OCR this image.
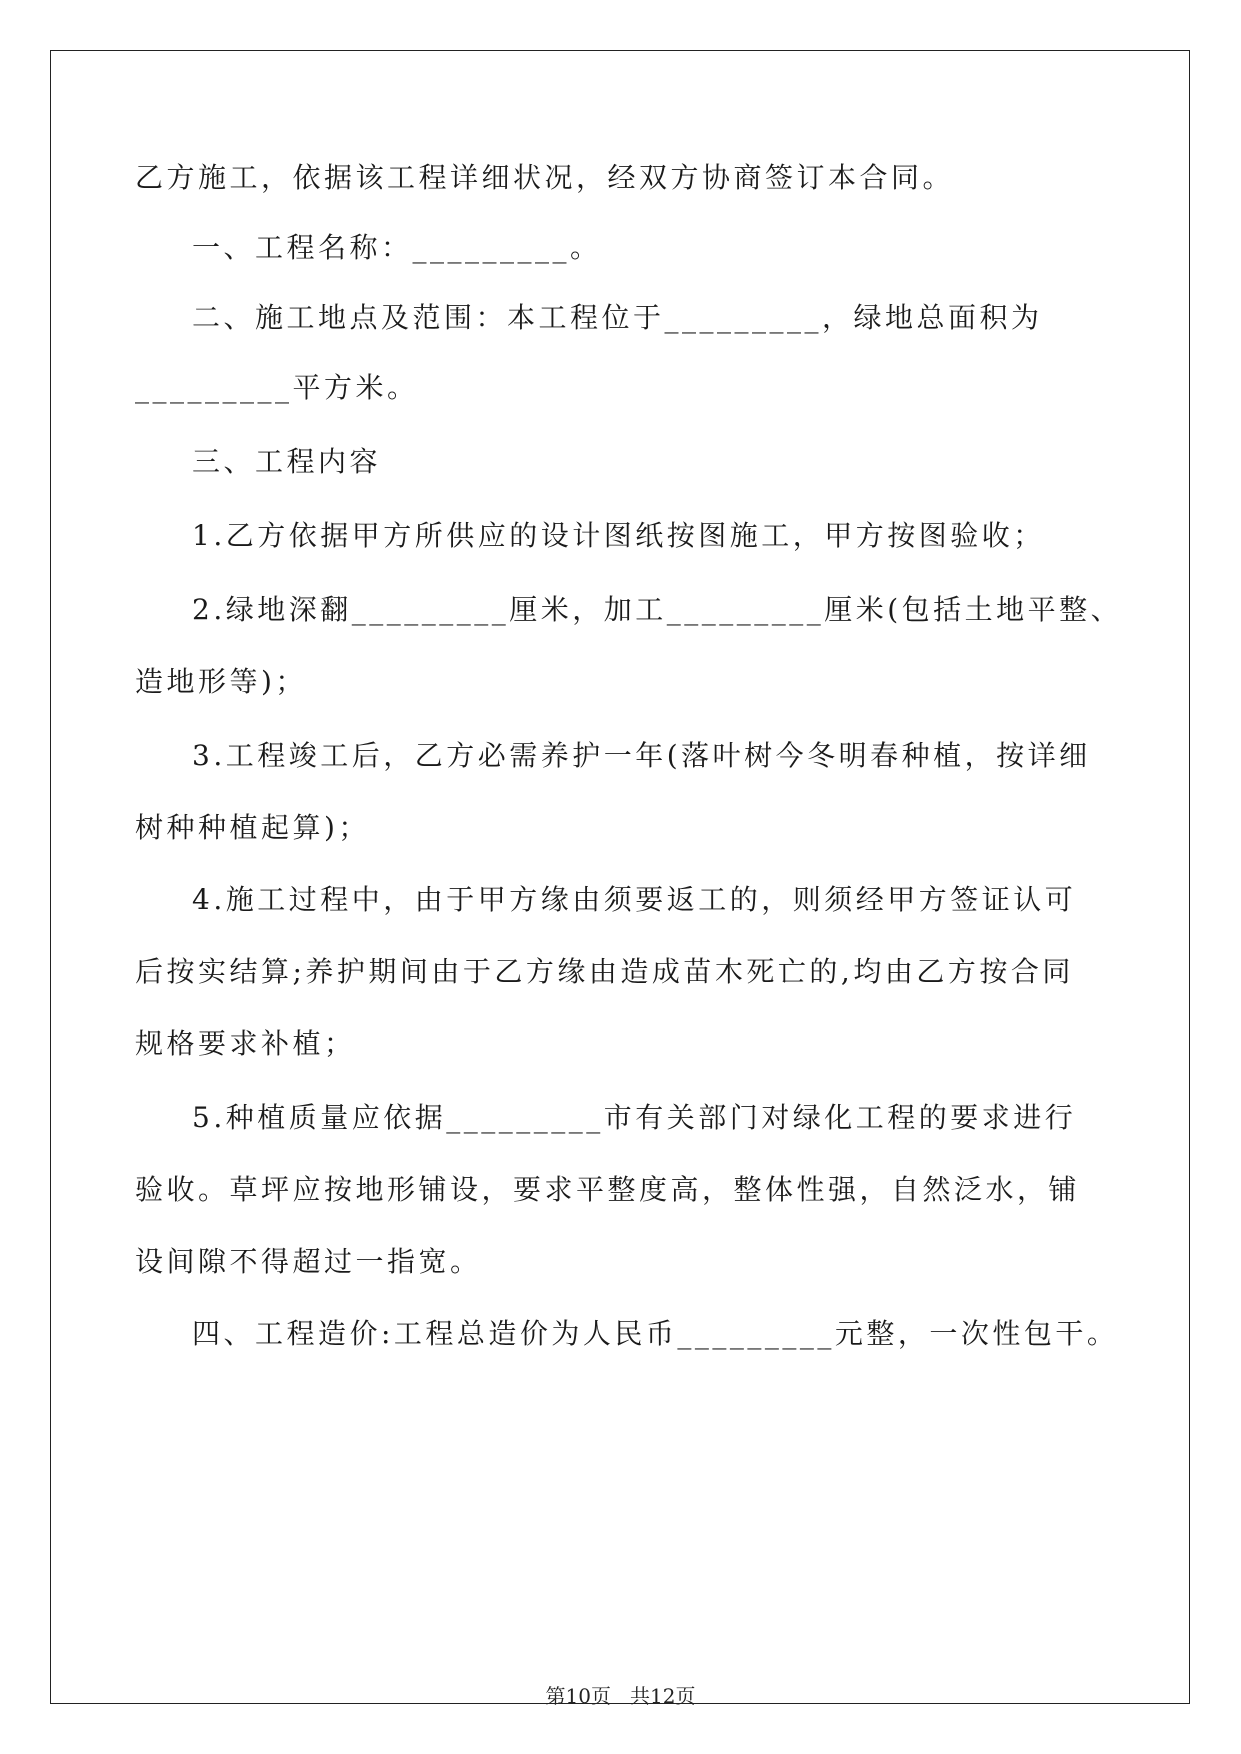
乙方施工，依据该工程详细状况，经双方协商签订本合同。
一、工程名称：_________。
二、施工地点及范围：本工程位于_________，绿地总面积为
_________平方米。
三、工程内容
1.乙方依据甲方所供应的设计图纸按图施工，甲方按图验收；
2.绿地深翻_________厘米，加工_________厘米(包括土地平整、
造地形等)；
3.工程竣工后，乙方必需养护一年(落叶树今冬明春种植，按详细
树种种植起算)；
4.施工过程中，由于甲方缘由须要返工的，则须经甲方签证认可
后按实结算;养护期间由于乙方缘由造成苗木死亡的,均由乙方按合同
规格要求补植；
5.种植质量应依据_________市有关部门对绿化工程的要求进行
验收。草坪应按地形铺设，要求平整度高，整体性强，自然泛水，铺
设间隙不得超过一指宽。
四、工程造价:工程总造价为人民币_________元整，一次性包干。
第10页   共12页
